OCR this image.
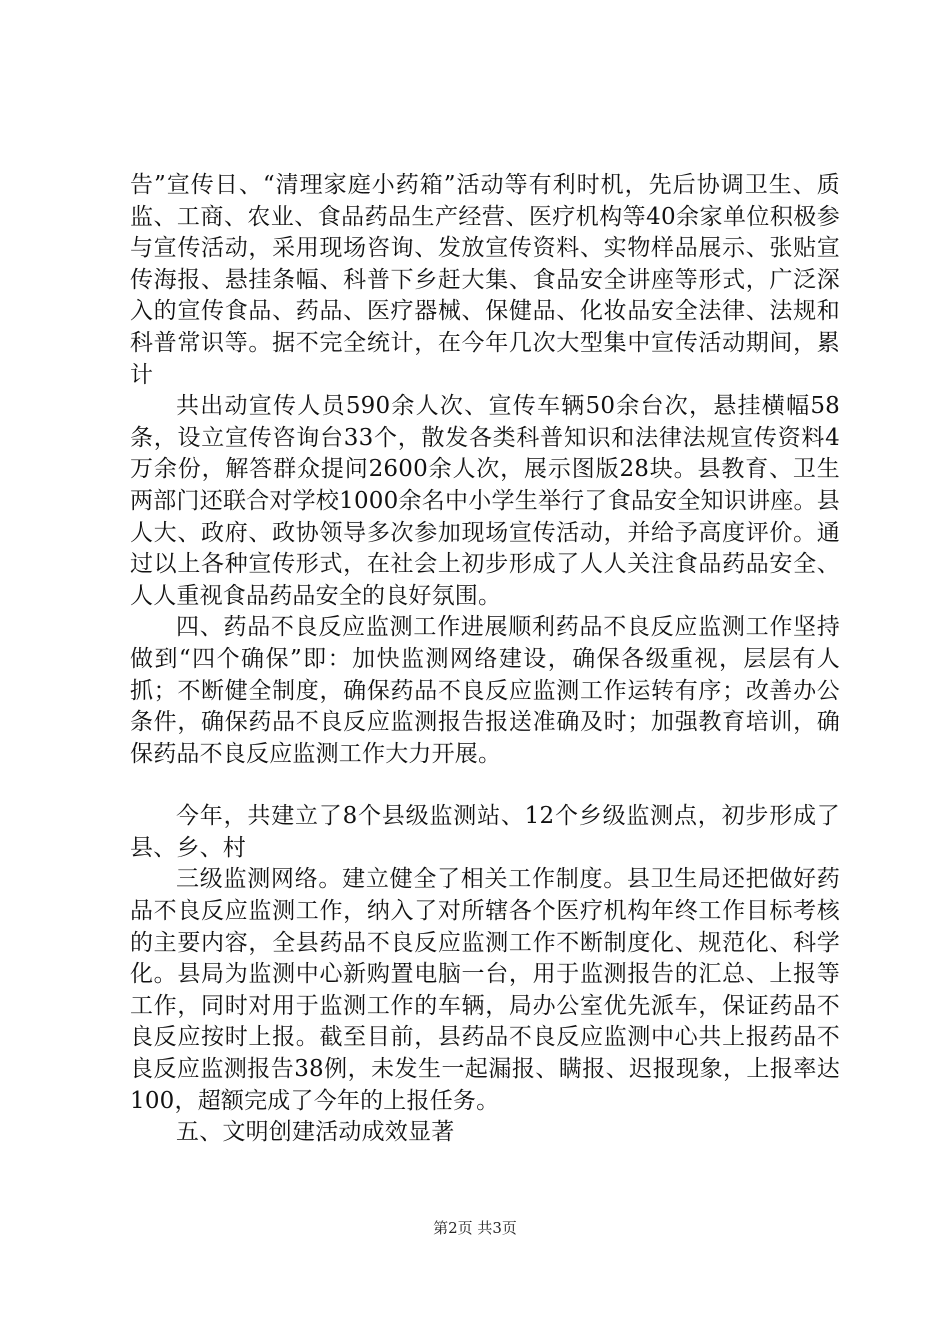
告”宣传日、“清理家庭小药箱”活动等有利时机，先后协调卫生、质监、工商、农业、食品药品生产经营、医疗机构等40余家单位积极参与宣传活动，采用现场咨询、发放宣传资料、实物样品展示、张贴宣传海报、悬挂条幅、科普下乡赶大集、食品安全讲座等形式，广泛深入的宣传食品、药品、医疗器械、保健品、化妆品安全法律、法规和科普常识等。据不完全统计，在今年几次大型集中宣传活动期间，累计

共出动宣传人员590余人次、宣传车辆50余台次，悬挂横幅58条，设立宣传咨询台33个，散发各类科普知识和法律法规宣传资料4万余份，解答群众提问2600余人次，展示图版28块。县教育、卫生两部门还联合对学校1000余名中小学生举行了食品安全知识讲座。县人大、政府、政协领导多次参加现场宣传活动，并给予高度评价。通过以上各种宣传形式，在社会上初步形成了人人关注食品药品安全、人人重视食品药品安全的良好氛围。

四、药品不良反应监测工作进展顺利药品不良反应监测工作坚持做到“四个确保”即：加快监测网络建设，确保各级重视，层层有人抓；不断健全制度，确保药品不良反应监测工作运转有序；改善办公条件，确保药品不良反应监测报告报送准确及时；加强教育培训，确保药品不良反应监测工作大力开展。

今年，共建立了8个县级监测站、12个乡级监测点，初步形成了县、乡、村

三级监测网络。建立健全了相关工作制度。县卫生局还把做好药品不良反应监测工作，纳入了对所辖各个医疗机构年终工作目标考核的主要内容，全县药品不良反应监测工作不断制度化、规范化、科学化。县局为监测中心新购置电脑一台，用于监测报告的汇总、上报等工作，同时对用于监测工作的车辆，局办公室优先派车，保证药品不良反应按时上报。截至目前，县药品不良反应监测中心共上报药品不良反应监测报告38例，未发生一起漏报、瞒报、迟报现象，上报率达100，超额完成了今年的上报任务。

五、文明创建活动成效显著

第2页 共3页
